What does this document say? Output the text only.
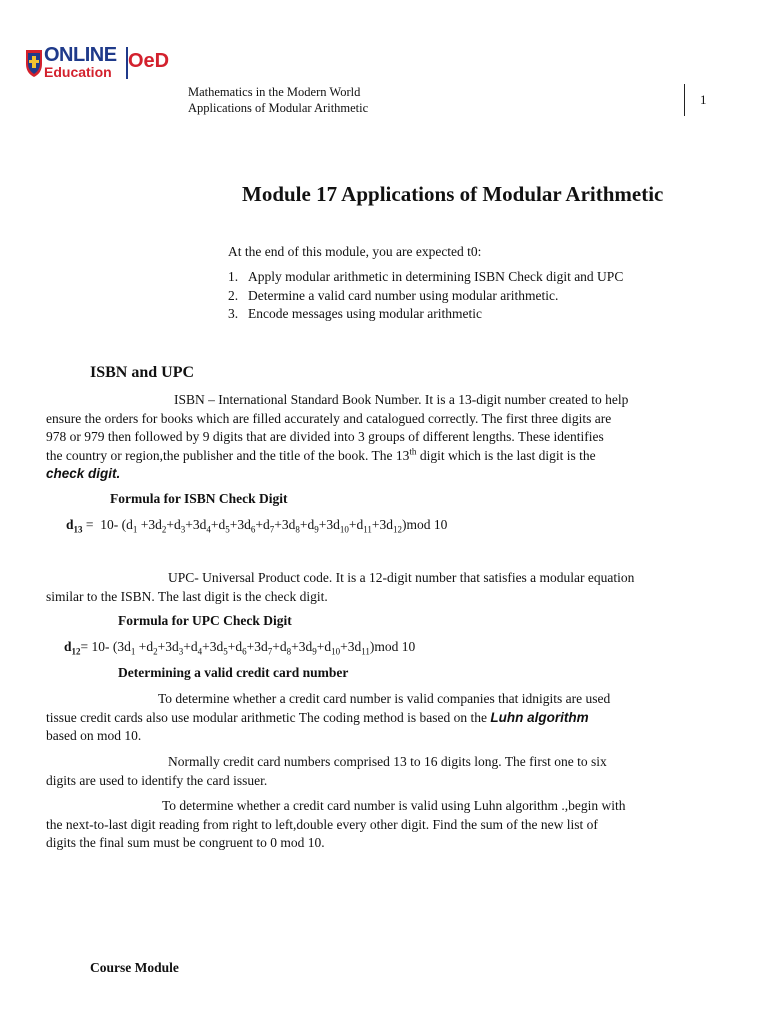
ONLINE
Education OeD
Mathematics in the Modern World
Applications of Modular Arithmetic
1
Module 17 Applications of Modular Arithmetic
At the end of this module, you are expected t0:
1. Apply modular arithmetic in determining ISBN Check digit and UPC
2. Determine a valid card number using modular arithmetic.
3. Encode messages using modular arithmetic
ISBN and UPC
ISBN – International Standard Book Number. It is a 13-digit number created to help
ensure the orders for books which are filled accurately and catalogued correctly. The first three digits are
978 or 979 then followed by 9 digits that are divided into 3 groups of different lengths. These identifies
the country or region,the publisher and the title of the book. The 13th digit which is the last digit is the
check digit.
Formula for ISBN Check Digit
$d_{13} = 10-$ $(d_1 +3d_2+d_3+3d_4+d_5+3d_6+d_7+3d_8+d_9+3d_{10}+d_{11}+3d_{12})mod$ 10
UPC- Universal Product code. It is a 12-digit number that satisfies a modular equation
similar to the ISBN. The last digit is the check digit.
Formula for UPC Check Digit
$d_{12}= 10-$ $(3d_1 +d_2+3d_3+d_4+3d_5+d_6+3d_7+d_8+3d_9+d_{10}+3d_{11})mod$ 10
Determining a valid credit card number
To determine whether a credit card number is valid companies that idnigits are used
tissue credit cards also use modular arithmetic The coding method is based on the Luhn algorithm
based on mod 10.
Normally credit card numbers comprised 13 to 16 digits long. The first one to six
digits are used to identify the card issuer.
To determine whether a credit card number is valid using Luhn algorithm .,begin with
the next-to-last digit reading from right to left,double every other digit. Find the sum of the new list of
digits the final sum must be congruent to 0 mod 10.
Course Module
